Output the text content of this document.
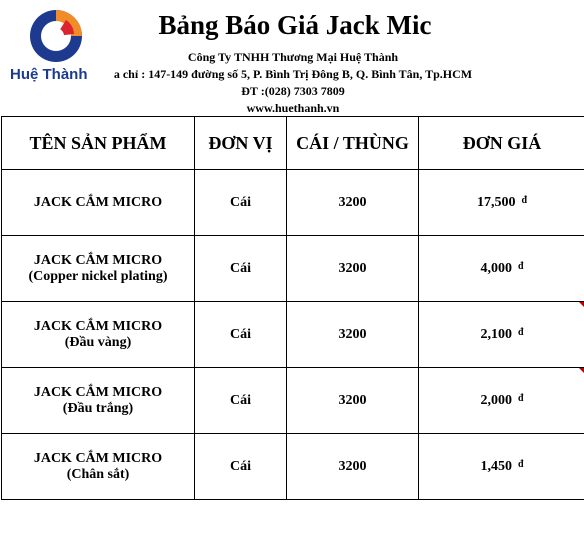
Huệ Thành
Bảng Báo Giá Jack Mic
Công Ty TNHH Thương Mại Huệ Thành
a chỉ : 147-149 đường số 5, P. Bình Trị Đông B, Q. Bình Tân, Tp.HCM
ĐT :(028) 7303 7809
www.huethanh.vn
TÊN SẢN PHẨM	ĐƠN VỊ	CÁI / THÙNG	ĐƠN GIÁ

JACK CẮM MICRO	Cái	3200	17,500 $^đ$

JACK CẮM MICRO
(Copper nickel plating)	Cái	3200	4,000 $^đ$

JACK CẮM MICRO
(Đầu vàng)	Cái	3200	2,100 $^đ$

JACK CẮM MICRO
(Đầu trắng)	Cái	3200	2,000 $^đ$

JACK CẮM MICRO
(Chân sắt)	Cái	3200	1,450 $^đ$
